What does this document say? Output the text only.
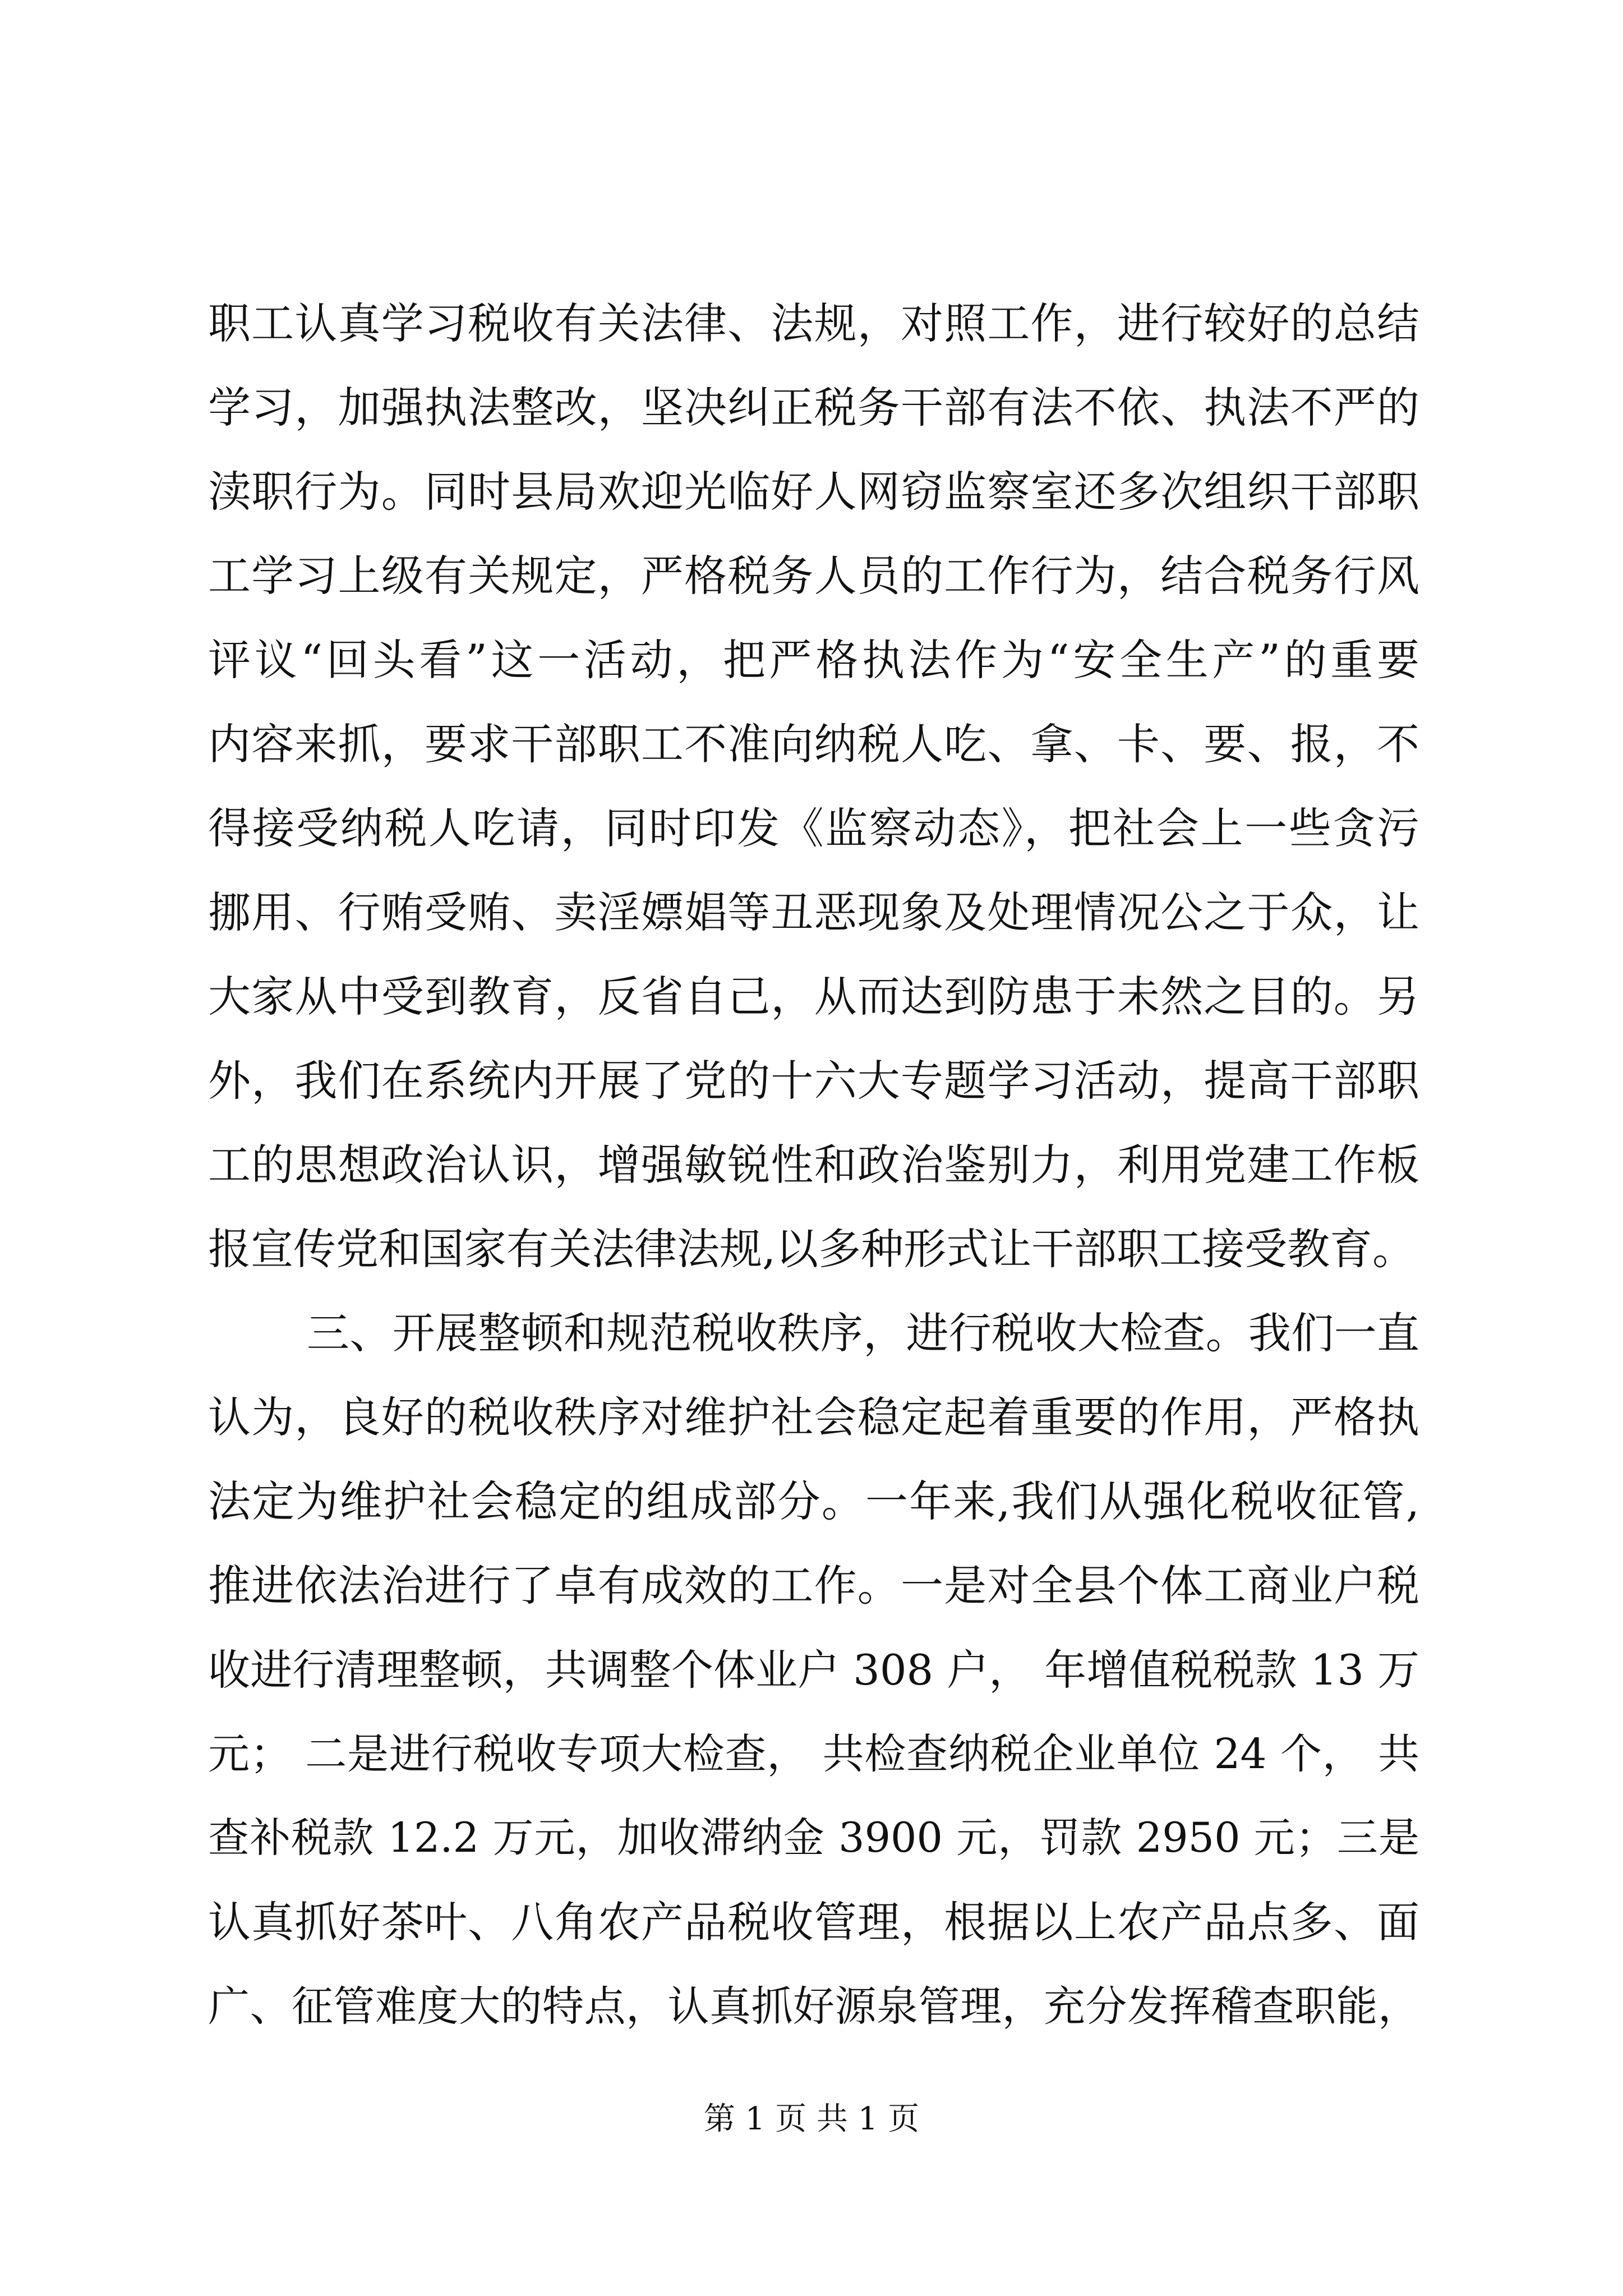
职工认真学习税收有关法律、法规，对照工作，进行较好的总结
学习，加强执法整改，坚决纠正税务干部有法不依、执法不严的
渎职行为。同时县局欢迎光临好人网窃监察室还多次组织干部职
工学习上级有关规定，严格税务人员的工作行为，结合税务行风
评议“回头看”这一活动，把严格执法作为“安全生产”的重要
内容来抓，要求干部职工不准向纳税人吃、拿、卡、要、报，不
得接受纳税人吃请，同时印发《监察动态》，把社会上一些贪污
挪用、行贿受贿、卖淫嫖娼等丑恶现象及处理情况公之于众，让
大家从中受到教育，反省自己，从而达到防患于未然之目的。另
外，我们在系统内开展了党的十六大专题学习活动，提高干部职
工的思想政治认识，增强敏锐性和政治鉴别力，利用党建工作板
报宣传党和国家有关法律法规,以多种形式让干部职工接受教育。
三、开展整顿和规范税收秩序，进行税收大检查。我们一直
认为，良好的税收秩序对维护社会稳定起着重要的作用，严格执
法定为维护社会稳定的组成部分。一年来,我们从强化税收征管,
推进依法治进行了卓有成效的工作。一是对全县个体工商业户税
收进行清理整顿，共调整个体业户 308 户， 年增值税税款 13 万
元； 二是进行税收专项大检查， 共检查纳税企业单位 24 个， 共
查补税款 12.2 万元，加收滞纳金 3900 元，罚款 2950 元；三是
认真抓好茶叶、八角农产品税收管理，根据以上农产品点多、面
广、征管难度大的特点，认真抓好源泉管理，充分发挥稽查职能，
第 1 页 共 1 页
